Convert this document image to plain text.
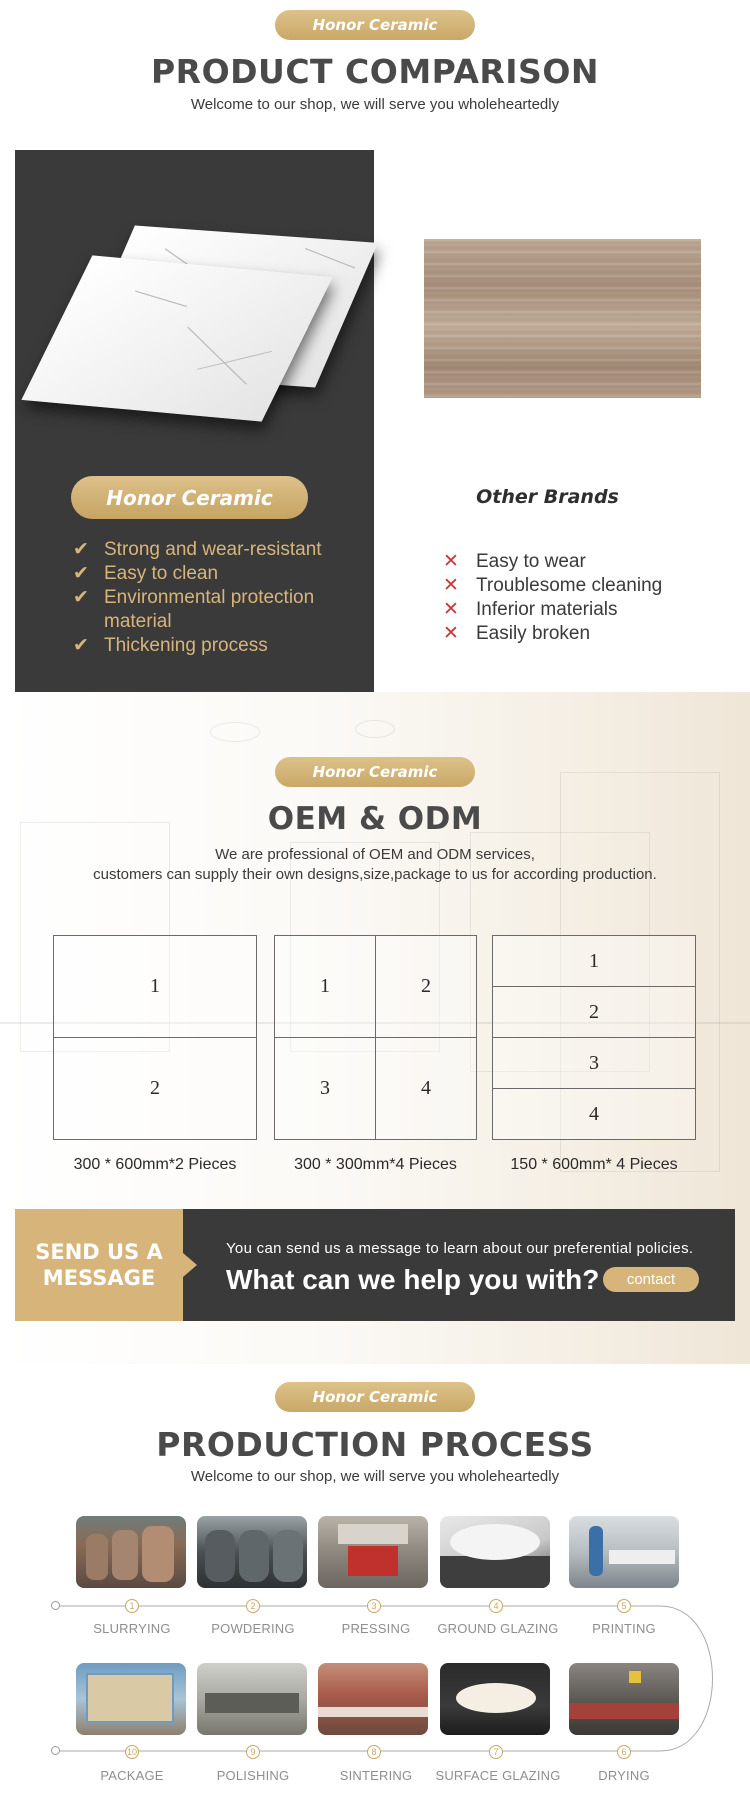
Honor Ceramic
PRODUCT COMPARISON
Welcome to our shop, we will serve you wholeheartedly
Honor Ceramic
✔ Strong and wear-resistant
✔ Easy to clean
✔ Environmental protection material
✔ Thickening process
Other Brands
✕ Easy to wear
✕ Troublesome cleaning
✕ Inferior materials
✕ Easily broken
Honor Ceramic
OEM & ODM
We are professional of OEM and ODM services,
customers can supply their own designs,size,package to us for according production.
1
2
1	2
3	4
1
2
3
4
300 * 600mm*2 Pieces	300 * 300mm*4 Pieces	150 * 600mm* 4 Pieces
You can send us a message to learn about our preferential policies.
What can we help you with?	contact
SEND US A MESSAGE
Honor Ceramic
PRODUCTION PROCESS
Welcome to our shop, we will serve you wholeheartedly
1	2	3	4	5
SLURRYING	POWDERING	PRESSING	GROUND GLAZING	PRINTING
10	9	8	7	6
PACKAGE	POLISHING	SINTERING	SURFACE GLAZING	DRYING
